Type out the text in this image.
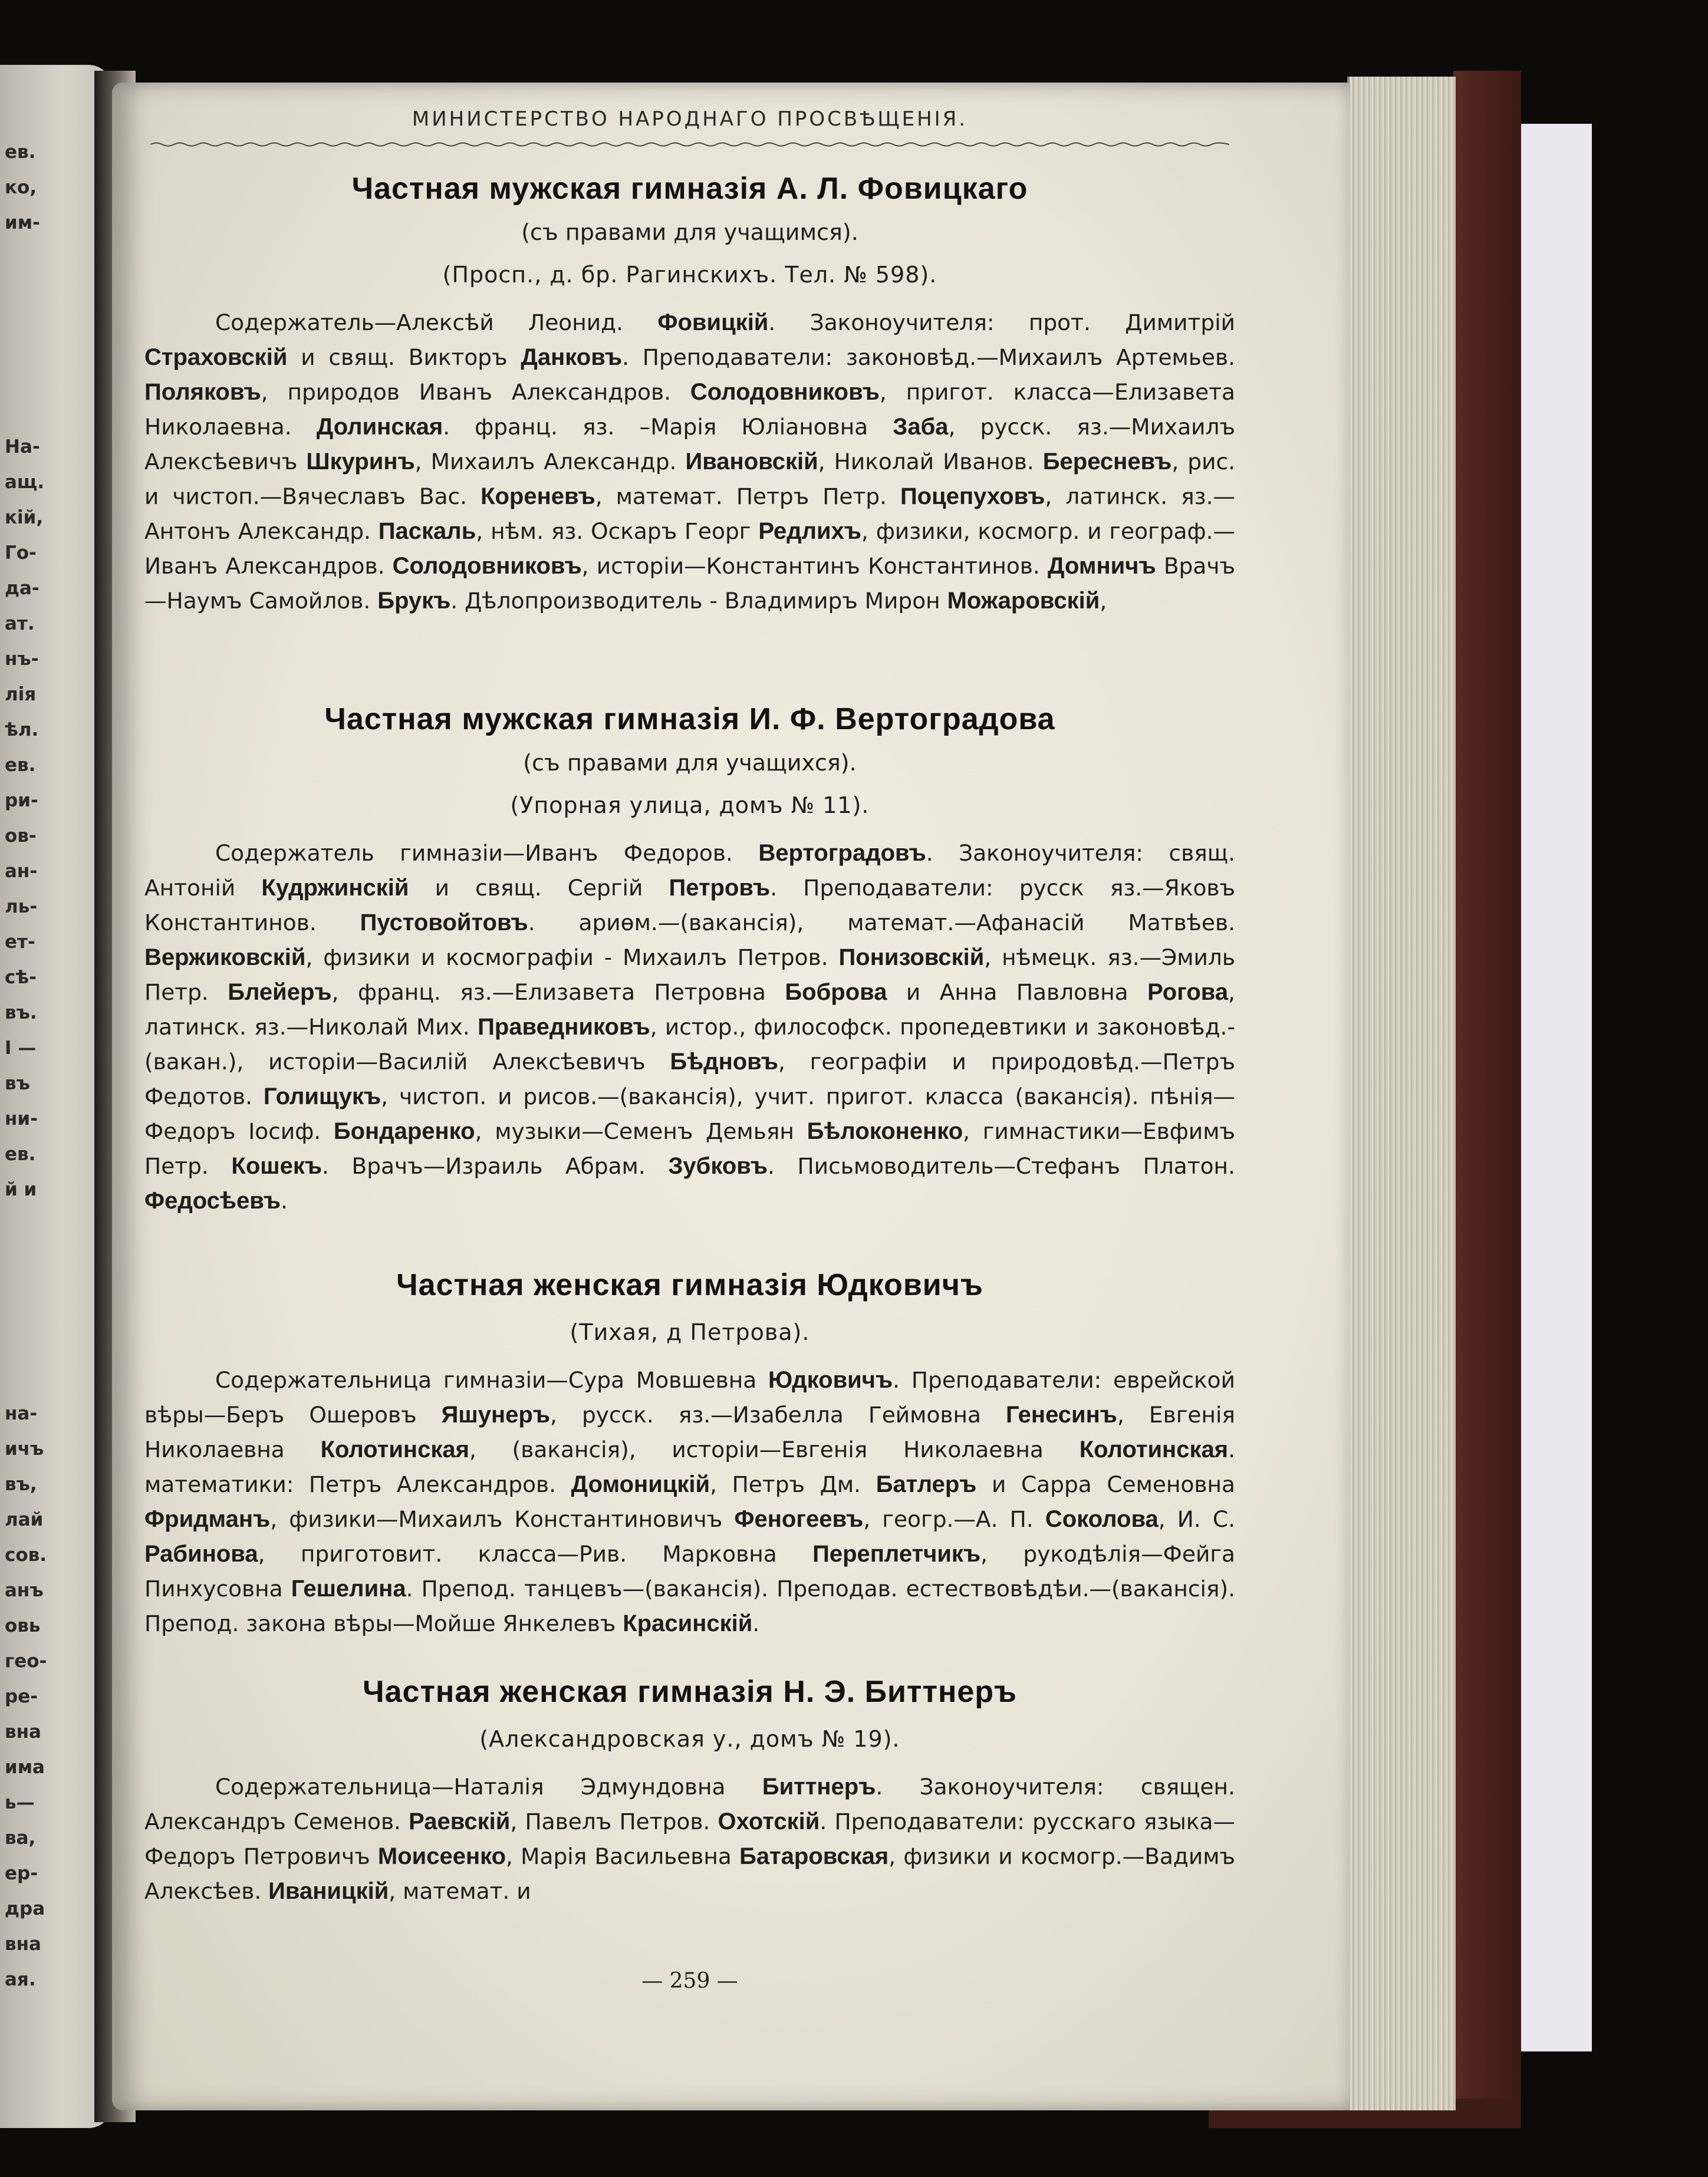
ев.
ко,
им-
На-
ащ.
кій,
Го-
да-
ат.
нъ-
лія
ѣл.
ев.
ри-
ов-
ан-
ль-
ет-
сѣ-
въ.
I —
въ
ни-
ев.
й и
на-
ичъ
въ,
лай
сов.
анъ
овь
гео-
ре-
вна
има
ь—
ва,
ер-
дра
вна
ая.
МИНИСТЕРСТВО НАРОДНАГО ПРОСВѢЩЕНІЯ.
Частная мужская гимназія А. Л. Фовицкаго
(съ правами для учащимся).
(Просп., д. бр. Рагинскихъ. Тел. № 598).
Содержатель—Алексѣй Леонид. Фовицкій. Законоучителя: прот. Димитрій Страховскій и свящ. Викторъ Данковъ. Преподаватели: законовѣд.—Михаилъ Артемьев. Поляковъ, природов Иванъ Александров. Солодовниковъ, пригот. класса—Елизавета Николаевна. Долинская. франц. яз. –Марія Юліановна Заба, русск. яз.—Михаилъ Алексѣевичъ Шкуринъ, Михаилъ Александр. Ивановскій, Николай Иванов. Бересневъ, рис. и чистоп.—Вячеславъ Вас. Кореневъ, математ. Петръ Петр. Поцепуховъ, латинск. яз.—Антонъ Александр. Паскаль, нѣм. яз. Оскаръ Георг Редлихъ, физики, космогр. и географ.—Иванъ Александров. Солодовниковъ, исторіи—Константинъ Константинов. Домничъ Врачъ—Наумъ Самойлов. Брукъ. Дѣлопроизводитель - Владимиръ Мирон Можаровскій,
Частная мужская гимназія И. Ф. Вертоградова
(съ правами для учащихся).
(Упорная улица, домъ № 11).
Содержатель гимназіи—Иванъ Федоров. Вертоградовъ. Законоучителя: свящ. Антоній Кудржинскій и свящ. Сергій Петровъ. Преподаватели: русск яз.—Яковъ Константинов. Пустовойтовъ. ариѳм.—(вакансія), математ.—Афанасій Матвѣев. Вержиковскій, физики и космографіи - Михаилъ Петров. Понизовскій, нѣмецк. яз.—Эмиль Петр. Блейеръ, франц. яз.—Елизавета Петровна Боброва и Анна Павловна Рогова, латинск. яз.—Николай Мих. Праведниковъ, истор., философск. пропедевтики и законовѣд.-(вакан.), исторіи—Василій Алексѣевичъ Бѣдновъ, географіи и природовѣд.—Петръ Федотов. Голищукъ, чистоп. и рисов.—(вакансія), учит. пригот. класса (вакансія). пѣнія—Федоръ Іосиф. Бондаренко, музыки—Семенъ Демьян Бѣлоконенко, гимнастики—Евфимъ Петр. Кошекъ. Врачъ—Израиль Абрам. Зубковъ. Письмоводитель—Стефанъ Платон. Федосѣевъ.
Частная женская гимназія Юдковичъ
(Тихая, д Петрова).
Содержательница гимназіи—Сура Мовшевна Юдковичъ. Преподаватели: еврейской вѣры—Беръ Ошеровъ Яшунеръ, русск. яз.—Изабелла Геймовна Генесинъ, Евгенія Николаевна Колотинская, (вакансія), исторіи—Евгенія Николаевна Колотинская. математики: Петръ Александров. Домоницкій, Петръ Дм. Батлеръ и Сарра Семеновна Фридманъ, физики—Михаилъ Константиновичъ Феногеевъ, геогр.—А. П. Соколова, И. С. Рабинова, приготовит. класса—Рив. Марковна Переплетчикъ, рукодѣлія—Фейга Пинхусовна Гешелина. Препод. танцевъ—(вакансія). Преподав. естествовѣдѣи.—(вакансія). Препод. закона вѣры—Мойше Янкелевъ Красинскій.
Частная женская гимназія Н. Э. Биттнеръ
(Александровская у., домъ № 19).
Содержательница—Наталія Эдмундовна Биттнеръ. Законоучителя: священ. Александръ Семенов. Раевскій, Павелъ Петров. Охотскій. Преподаватели: русскаго языка—Федоръ Петровичъ Моисеенко, Марія Васильевна Батаровская, физики и космогр.—Вадимъ Алексѣев. Иваницкій, математ. и
— 259 —
